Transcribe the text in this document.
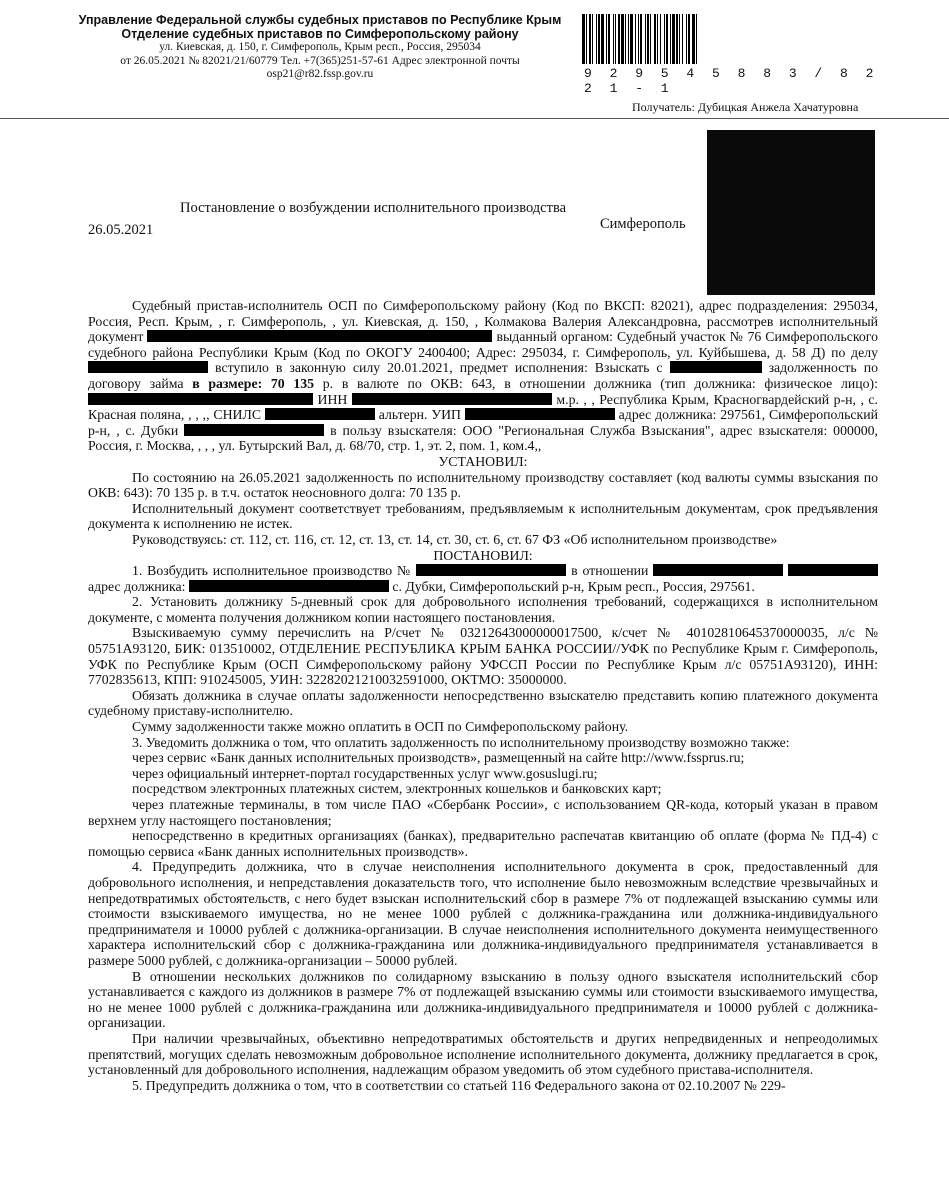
Управление Федеральной службы судебных приставов по Республике Крым
Отделение судебных приставов по Симферопольскому району
ул. Киевская, д. 150, г. Симферополь, Крым респ., Россия, 295034
от 26.05.2021 № 82021/21/60779 Тел. +7(365)251-57-61 Адрес электронной почты
osp21@r82.fssp.gov.ru	9 2 9 5 4 5 8 8 3 / 8 2 2 1 - 1
Получатель: Дубицкая Анжела Хачатуровна
Постановление о возбуждении исполнительного производства
26.05.2021	Симферополь

Судебный пристав-исполнитель ОСП по Симферопольскому району (Код по ВКСП: 82021), адрес подразделения: 295034, Россия, Респ. Крым, , г. Симферополь, , ул. Киевская, д. 150, , Колмакова Валерия Александровна, рассмотрев исполнительный документ	выданный органом: Судебный участок № 76 Симферопольского судебного района Республики Крым (Код по ОКОГУ 2400400; Адрес: 295034, г. Симферополь, ул. Куйбышева, д. 58 Д) по делу  вступило в законную силу 20.01.2021, предмет исполнения: Взыскать с	задолженность по договору займа в размере: 70 135 р. в валюте по ОКВ: 643, в отношении должника (тип должника: физическое лицо):  ИНН	м.р. , , Республика Крым, Красногвардейский р-н, , с. Красная поляна, , , ,, СНИЛС	альтерн. УИП	адрес должника: 297561, Симферопольский р-н, , с. Дубки	в пользу взыскателя: ООО "Региональная Служба Взыскания", адрес взыскателя: 000000, Россия, г. Москва, , , , ул. Бутырский Вал, д. 68/70, стр. 1, эт. 2, пом. 1, ком.4,,

УСТАНОВИЛ:

По состоянию на 26.05.2021 задолженность по исполнительному производству составляет (код валюты суммы взыскания по ОКВ: 643): 70 135 р. в т.ч. остаток неосновного долга: 70 135 р.

Исполнительный документ соответствует требованиям, предъявляемым к исполнительным документам, срок предъявления документа к исполнению не истек.

Руководствуясь: ст. 112, ст. 116, ст. 12, ст. 13, ст. 14, ст. 30, ст. 6, ст. 67 ФЗ «Об исполнительном производстве»

ПОСТАНОВИЛ:

1. Возбудить исполнительное производство №	в отношении   адрес должника:	с. Дубки, Симферопольский р-н, Крым респ., Россия, 297561.

2. Установить должнику 5-дневный срок для добровольного исполнения требований, содержащихся в исполнительном документе, с момента получения должником копии настоящего постановления.

Взыскиваемую сумму перечислить на Р/счет № 03212643000000017500, к/счет № 40102810645370000035, л/с № 05751А93120, БИК: 013510002, ОТДЕЛЕНИЕ РЕСПУБЛИКА КРЫМ БАНКА РОССИИ//УФК по Республике Крым г. Симферополь, УФК по Республике Крым (ОСП Симферопольскому району УФССП России по Республике Крым л/с 05751А93120), ИНН: 7702835613, КПП: 910245005, УИН: 32282021210032591000, ОКТМО: 35000000.

Обязать должника в случае оплаты задолженности непосредственно взыскателю представить копию платежного документа судебному приставу-исполнителю.

Сумму задолженности также можно оплатить в ОСП по Симферопольскому району.

3. Уведомить должника о том, что оплатить задолженность по исполнительному производству возможно также:

через сервис «Банк данных исполнительных производств», размещенный на сайте http://www.fssprus.ru;

через официальный интернет-портал государственных услуг www.gosuslugi.ru;

посредством электронных платежных систем, электронных кошельков и банковских карт;

через платежные терминалы, в том числе ПАО «Сбербанк России», с использованием QR-кода, который указан в правом верхнем углу настоящего постановления;

непосредственно в кредитных организациях (банках), предварительно распечатав квитанцию об оплате (форма № ПД-4) с помощью сервиса «Банк данных исполнительных производств».

4. Предупредить должника, что в случае неисполнения исполнительного документа в срок, предоставленный для добровольного исполнения, и непредставления доказательств того, что исполнение было невозможным вследствие чрезвычайных и непредотвратимых обстоятельств, с него будет взыскан исполнительский сбор в размере 7% от подлежащей взысканию суммы или стоимости взыскиваемого имущества, но не менее 1000 рублей с должника-гражданина или должника-индивидуального предпринимателя и 10000 рублей с должника-организации. В случае неисполнения исполнительного документа неимущественного характера исполнительский сбор с должника-гражданина или должника-индивидуального предпринимателя устанавливается в размере 5000 рублей, с должника-организации – 50000 рублей.

В отношении нескольких должников по солидарному взысканию в пользу одного взыскателя исполнительский сбор устанавливается с каждого из должников в размере 7% от подлежащей взысканию суммы или стоимости взыскиваемого имущества, но не менее 1000 рублей с должника-гражданина или должника-индивидуального предпринимателя и 10000 рублей с должника-организации.

При наличии чрезвычайных, объективно непредотвратимых обстоятельств и других непредвиденных и непреодолимых препятствий, могущих сделать невозможным добровольное исполнение исполнительного документа, должнику предлагается в срок, установленный для добровольного исполнения, надлежащим образом уведомить об этом судебного пристава-исполнителя.

5. Предупредить должника о том, что в соответствии со статьей 116 Федерального закона от 02.10.2007 № 229-
